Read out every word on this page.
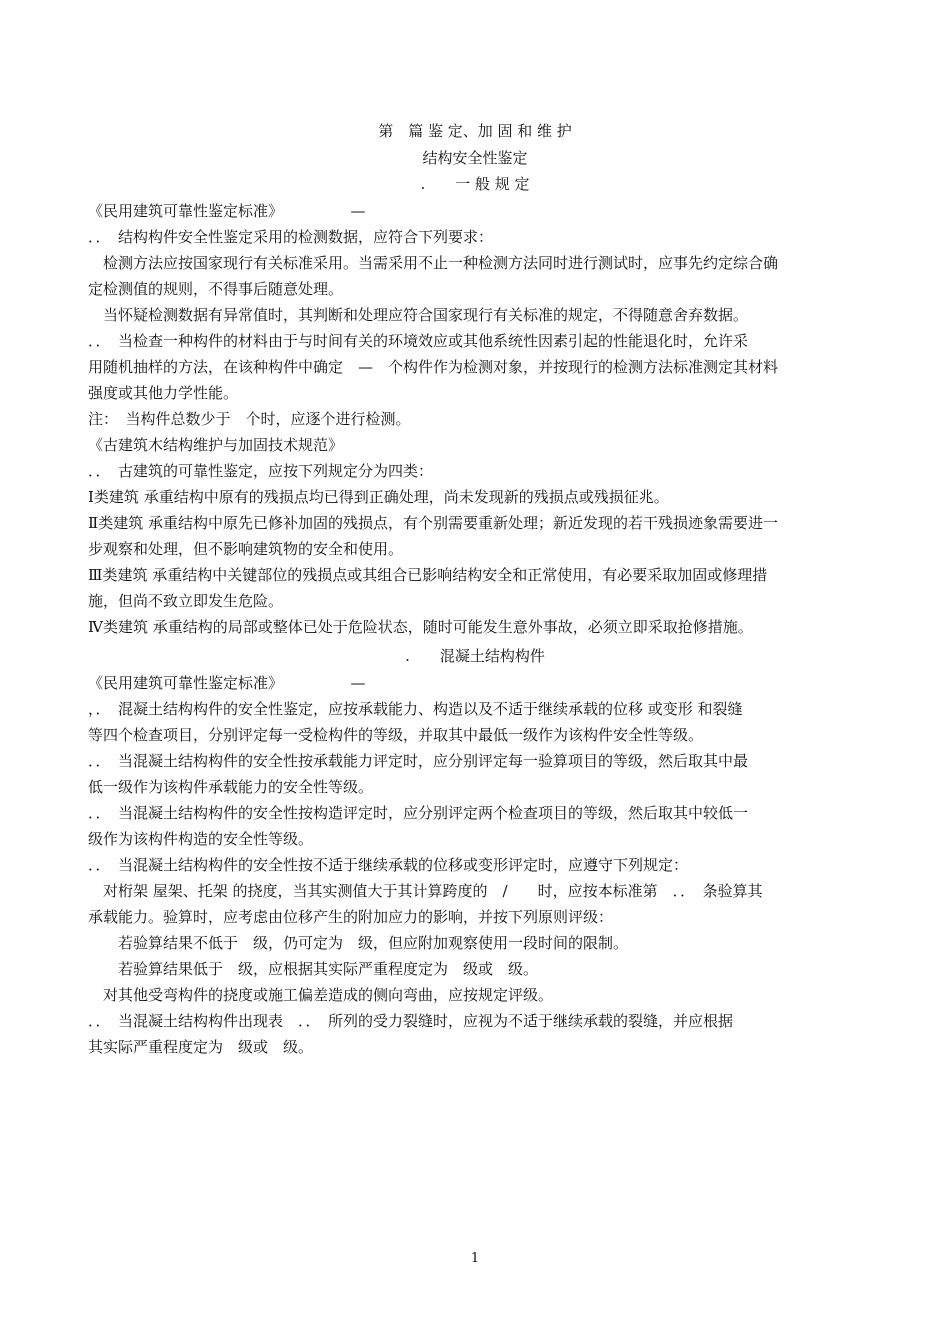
第　篇 鉴 定、加 固 和 维 护
结构安全性鉴定
.　　一 般 规 定
《民用建筑可靠性鉴定标准》　　　　　—
．．　结构构件安全性鉴定采用的检测数据，应符合下列要求：
　检测方法应按国家现行有关标准采用。当需采用不止一种检测方法同时进行测试时，应事先约定综合确
定检测值的规则，不得事后随意处理。
　当怀疑检测数据有异常值时，其判断和处理应符合国家现行有关标准的规定，不得随意舍弃数据。
．．　当检查一种构件的材料由于与时间有关的环境效应或其他系统性因素引起的性能退化时，允许采
用随机抽样的方法，在该种构件中确定　—　个构件作为检测对象，并按现行的检测方法标准测定其材料
强度或其他力学性能。
注：　当构件总数少于　个时，应逐个进行检测。
《古建筑木结构维护与加固技术规范》
．．　古建筑的可靠性鉴定，应按下列规定分为四类：
Ⅰ类建筑 承重结构中原有的残损点均已得到正确处理，尚未发现新的残损点或残损征兆。
Ⅱ类建筑 承重结构中原先已修补加固的残损点，有个别需要重新处理；新近发现的若干残损迹象需要进一
步观察和处理，但不影响建筑物的安全和使用。
Ⅲ类建筑 承重结构中关键部位的残损点或其组合已影响结构安全和正常使用，有必要采取加固或修理措
施，但尚不致立即发生危险。
Ⅳ类建筑 承重结构的局部或整体已处于危险状态，随时可能发生意外事故，必须立即采取抢修措施。
.　　混凝土结构构件
《民用建筑可靠性鉴定标准》　　　　　—
，．　混凝土结构构件的安全性鉴定，应按承载能力、构造以及不适于继续承载的位移 或变形 和裂缝
等四个检查项目，分别评定每一受检构件的等级，并取其中最低一级作为该构件安全性等级。
．．　当混凝土结构构件的安全性按承载能力评定时，应分别评定每一验算项目的等级，然后取其中最
低一级作为该构件承载能力的安全性等级。
．．　当混凝土结构构件的安全性按构造评定时，应分别评定两个检查项目的等级，然后取其中较低一
级作为该构件构造的安全性等级。
．．　当混凝土结构构件的安全性按不适于继续承载的位移或变形评定时，应遵守下列规定：
　对桁架 屋架、托架 的挠度，当其实测值大于其计算跨度的　/　　时，应按本标准第　．．　条验算其
承载能力。验算时，应考虑由位移产生的附加应力的影响，并按下列原则评级：
　　若验算结果不低于　级，仍可定为　级，但应附加观察使用一段时间的限制。
　　若验算结果低于　级，应根据其实际严重程度定为　级或　级。
　对其他受弯构件的挠度或施工偏差造成的侧向弯曲，应按规定评级。
．．　当混凝土结构构件出现表　．．　所列的受力裂缝时，应视为不适于继续承载的裂缝，并应根据
其实际严重程度定为　级或　级。
1
